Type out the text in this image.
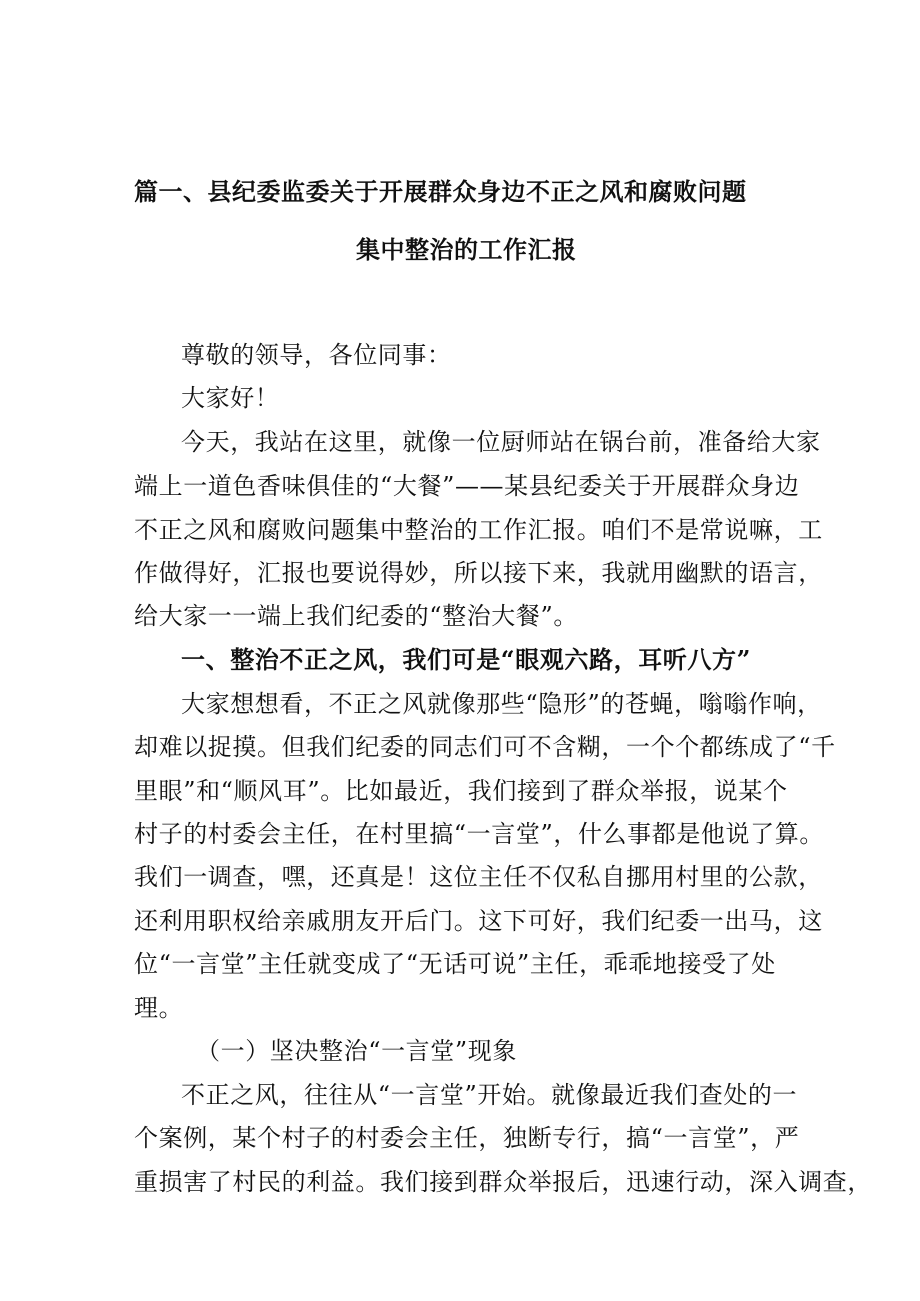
篇一、县纪委监委关于开展群众身边不正之风和腐败问题
集中整治的工作汇报
尊敬的领导，各位同事：
大家好！
今天，我站在这里，就像一位厨师站在锅台前，准备给大家
端上一道色香味俱佳的“大餐”——某县纪委关于开展群众身边
不正之风和腐败问题集中整治的工作汇报。咱们不是常说嘛，工
作做得好，汇报也要说得妙，所以接下来，我就用幽默的语言，
给大家一一端上我们纪委的“整治大餐”。
一、整治不正之风，我们可是“眼观六路，耳听八方”
大家想想看，不正之风就像那些“隐形”的苍蝇，嗡嗡作响，
却难以捉摸。但我们纪委的同志们可不含糊，一个个都练成了“千
里眼”和“顺风耳”。比如最近，我们接到了群众举报，说某个
村子的村委会主任，在村里搞“一言堂”，什么事都是他说了算。
我们一调查，嘿，还真是！这位主任不仅私自挪用村里的公款，
还利用职权给亲戚朋友开后门。这下可好，我们纪委一出马，这
位“一言堂”主任就变成了“无话可说”主任，乖乖地接受了处
理。
（一）坚决整治“一言堂”现象
不正之风，往往从“一言堂”开始。就像最近我们查处的一
个案例，某个村子的村委会主任，独断专行，搞“一言堂”，严
重损害了村民的利益。我们接到群众举报后，迅速行动，深入调查，
